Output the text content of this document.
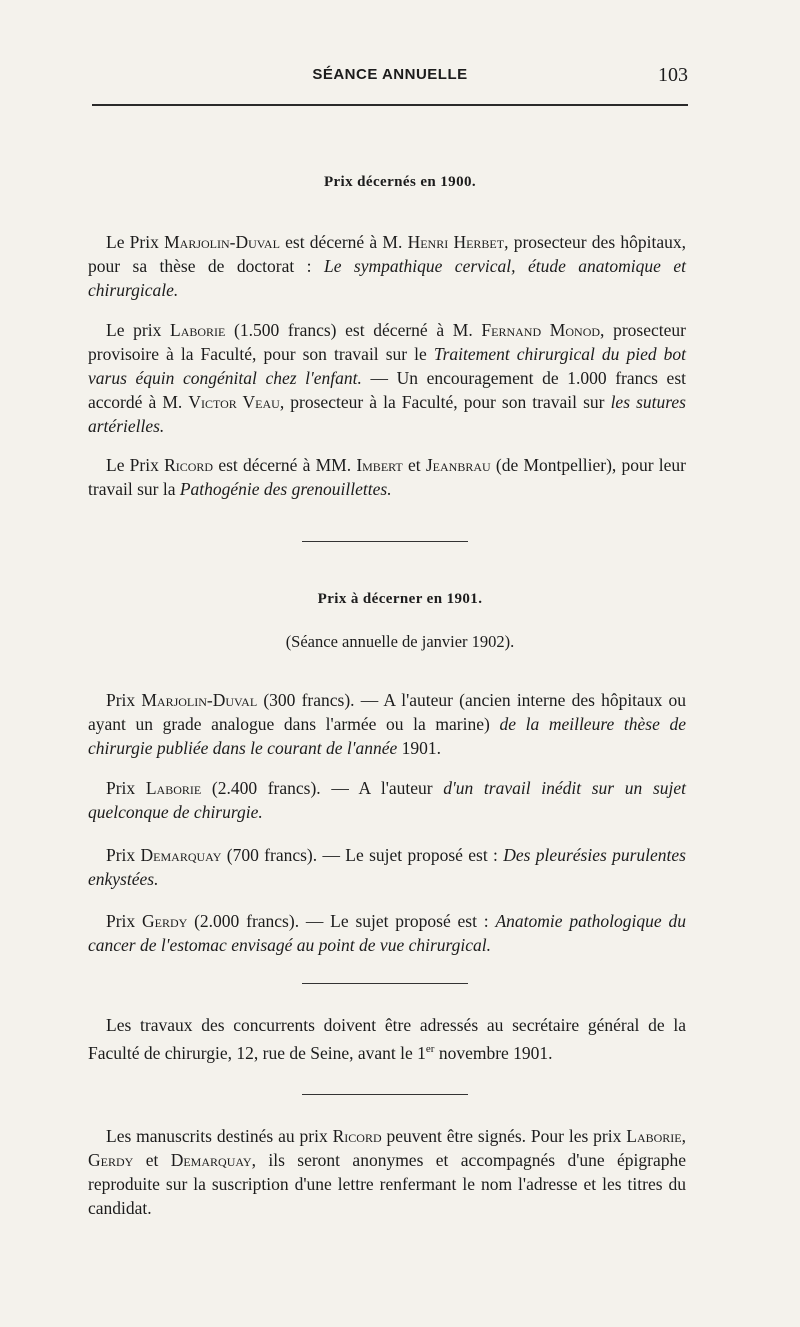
SÉANCE ANNUELLE	103
Prix décernés en 1900.
Le Prix Marjolin-Duval est décerné à M. Henri Herbet, prosecteur des hôpitaux, pour sa thèse de doctorat : Le sympathique cervical, étude anatomique et chirurgicale.
Le prix Laborie (1.500 francs) est décerné à M. Fernand Monod, prosecteur provisoire à la Faculté, pour son travail sur le Traitement chirurgical du pied bot varus équin congénital chez l'enfant. — Un encouragement de 1.000 francs est accordé à M. Victor Veau, prosecteur à la Faculté, pour son travail sur les sutures artérielles.
Le Prix Ricord est décerné à MM. Imbert et Jeanbrau (de Montpellier), pour leur travail sur la Pathogénie des grenouillettes.
Prix à décerner en 1901.
(Séance annuelle de janvier 1902).
Prix Marjolin-Duval (300 francs). — A l'auteur (ancien interne des hôpitaux ou ayant un grade analogue dans l'armée ou la marine) de la meilleure thèse de chirurgie publiée dans le courant de l'année 1901.
Prix Laborie (2.400 francs). — A l'auteur d'un travail inédit sur un sujet quelconque de chirurgie.
Prix Demarquay (700 francs). — Le sujet proposé est : Des pleurésies purulentes enkystées.
Prix Gerdy (2.000 francs). — Le sujet proposé est : Anatomie pathologique du cancer de l'estomac envisagé au point de vue chirurgical.
Les travaux des concurrents doivent être adressés au secrétaire général de la Faculté de chirurgie, 12, rue de Seine, avant le 1er novembre 1901.
Les manuscrits destinés au prix Ricord peuvent être signés. Pour les prix Laborie, Gerdy et Demarquay, ils seront anonymes et accompagnés d'une épigraphe reproduite sur la suscription d'une lettre renfermant le nom l'adresse et les titres du candidat.
